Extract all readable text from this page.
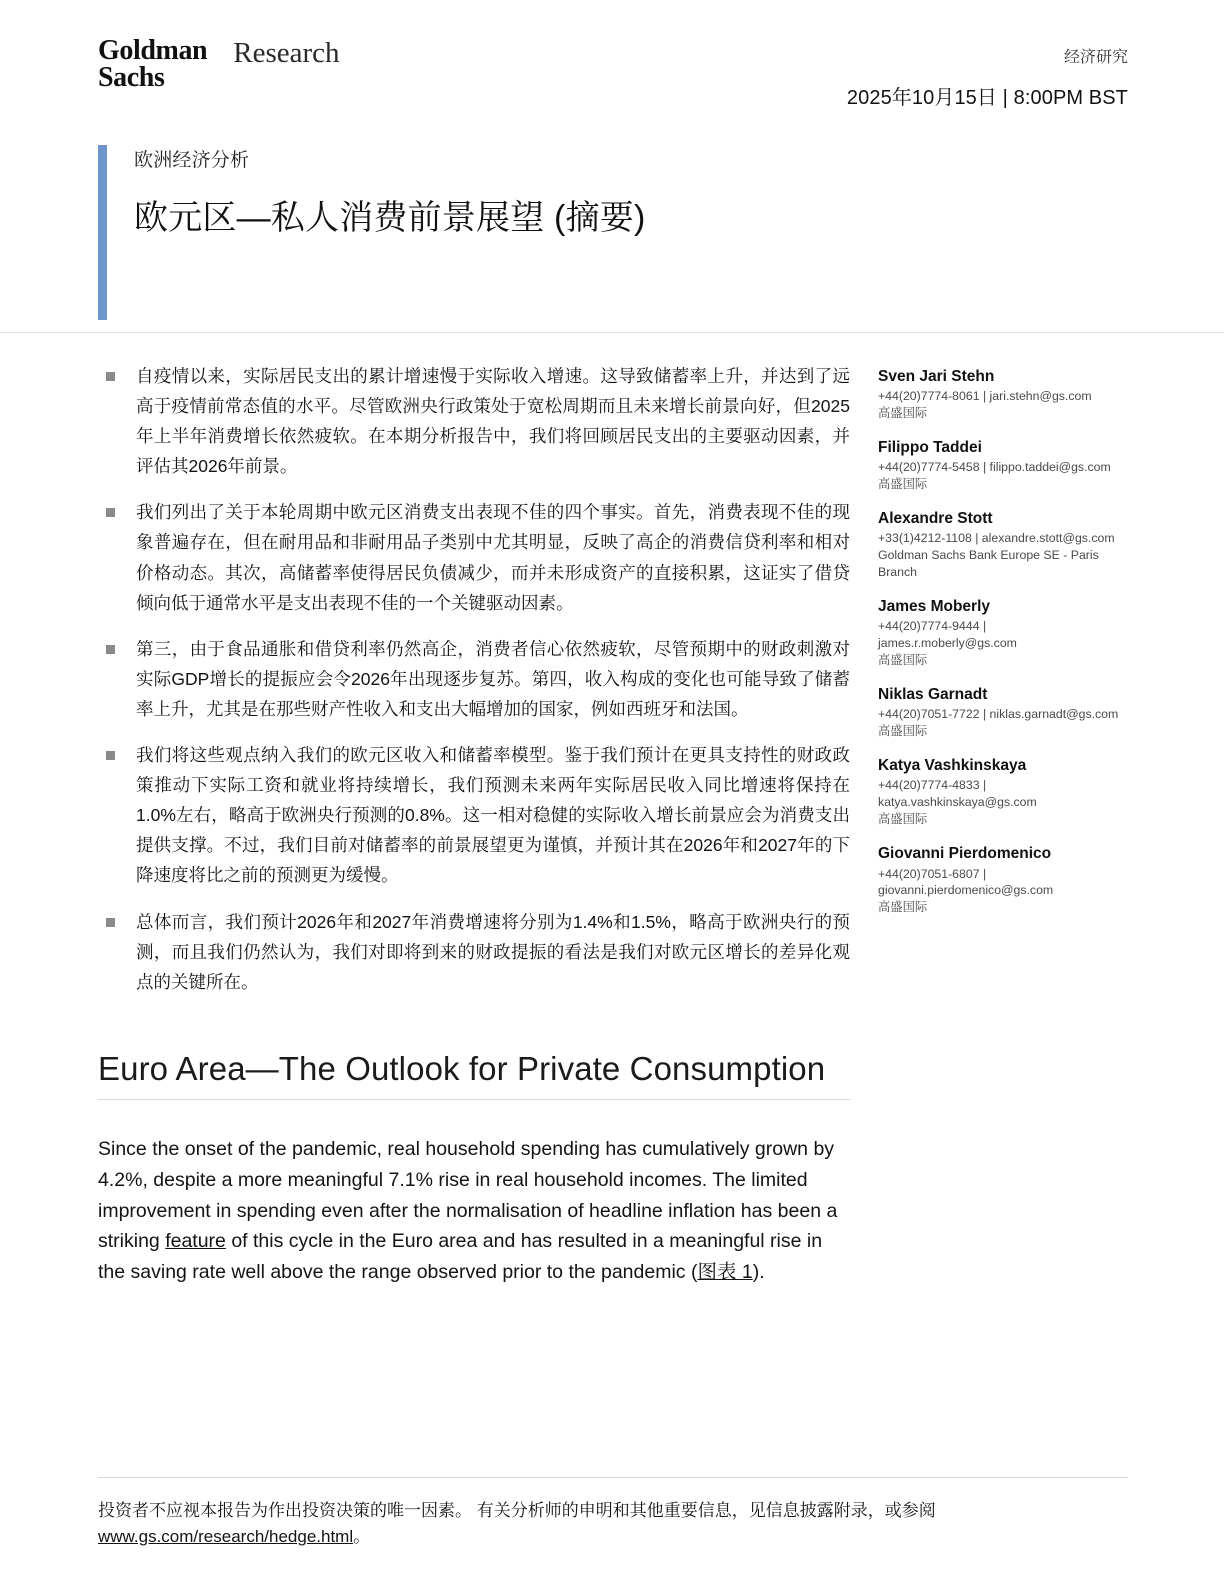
Goldman
Sachs
Research	经济研究
2025年10月15日 | 8:00PM BST
欧洲经济分析
欧元区—私人消费前景展望 (摘要)
自疫情以来，实际居民支出的累计增速慢于实际收入增速。这导致储蓄率上升，并达到了远高于疫情前常态值的水平。尽管欧洲央行政策处于宽松周期而且未来增长前景向好，但2025年上半年消费增长依然疲软。在本期分析报告中，我们将回顾居民支出的主要驱动因素，并评估其2026年前景。
我们列出了关于本轮周期中欧元区消费支出表现不佳的四个事实。首先，消费表现不佳的现象普遍存在，但在耐用品和非耐用品子类别中尤其明显，反映了高企的消费信贷利率和相对价格动态。其次，高储蓄率使得居民负债减少，而并未形成资产的直接积累，这证实了借贷倾向低于通常水平是支出表现不佳的一个关键驱动因素。
第三，由于食品通胀和借贷利率仍然高企，消费者信心依然疲软，尽管预期中的财政刺激对实际GDP增长的提振应会令2026年出现逐步复苏。第四，收入构成的变化也可能导致了储蓄率上升，尤其是在那些财产性收入和支出大幅增加的国家，例如西班牙和法国。
我们将这些观点纳入我们的欧元区收入和储蓄率模型。鉴于我们预计在更具支持性的财政政策推动下实际工资和就业将持续增长，我们预测未来两年实际居民收入同比增速将保持在1.0%左右，略高于欧洲央行预测的0.8%。这一相对稳健的实际收入增长前景应会为消费支出提供支撑。不过，我们目前对储蓄率的前景展望更为谨慎，并预计其在2026年和2027年的下降速度将比之前的预测更为缓慢。
总体而言，我们预计2026年和2027年消费增速将分别为1.4%和1.5%，略高于欧洲央行的预测，而且我们仍然认为，我们对即将到来的财政提振的看法是我们对欧元区增长的差异化观点的关键所在。
Euro Area—The Outlook for Private Consumption

Since the onset of the pandemic, real household spending has cumulatively grown by 4.2%, despite a more meaningful 7.1% rise in real household incomes. The limited improvement in spending even after the normalisation of headline inflation has been a striking feature of this cycle in the Euro area and has resulted in a meaningful rise in the saving rate well above the range observed prior to the pandemic (图表 1).

Sven Jari Stehn
+44(20)7774-8061 | jari.stehn@gs.com
高盛国际
Filippo Taddei
+44(20)7774-5458 | filippo.taddei@gs.com
高盛国际
Alexandre Stott
+33(1)4212-1108 | alexandre.stott@gs.com
Goldman Sachs Bank Europe SE - Paris Branch
James Moberly
+44(20)7774-9444 | james.r.moberly@gs.com
高盛国际
Niklas Garnadt
+44(20)7051-7722 | niklas.garnadt@gs.com
高盛国际
Katya Vashkinskaya
+44(20)7774-4833 | katya.vashkinskaya@gs.com
高盛国际
Giovanni Pierdomenico
+44(20)7051-6807 | giovanni.pierdomenico@gs.com
高盛国际
投资者不应视本报告为作出投资决策的唯一因素。 有关分析师的申明和其他重要信息，见信息披露附录，或参阅 www.gs.com/research/hedge.html。
